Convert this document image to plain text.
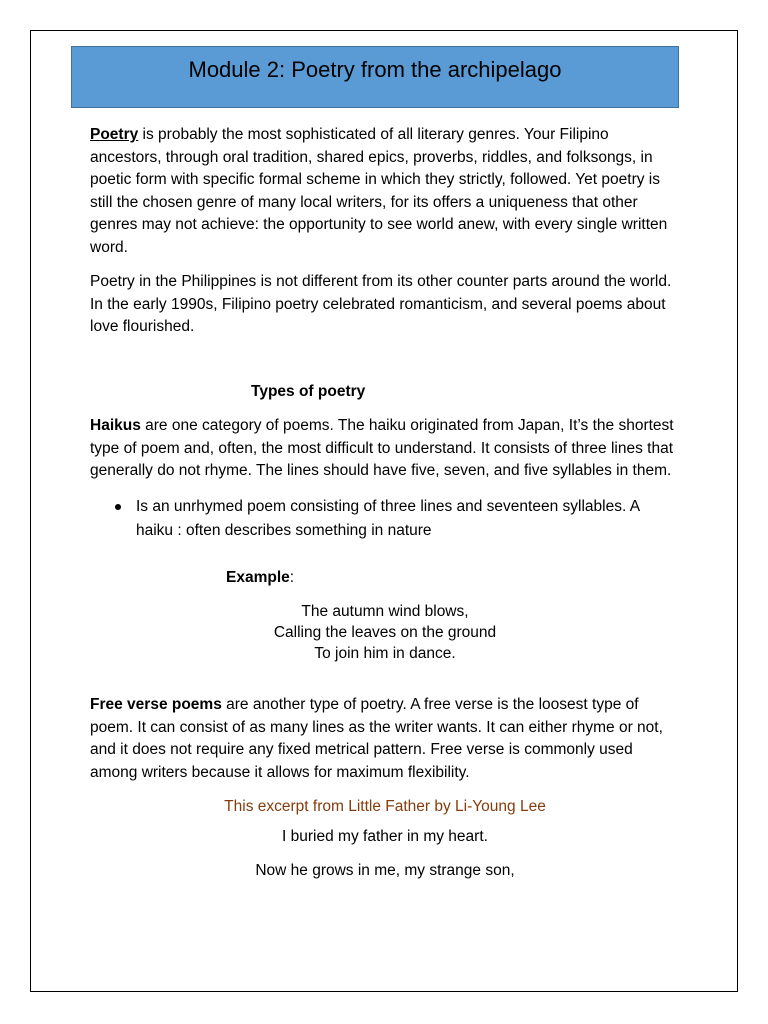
Module 2: Poetry from the archipelago

Poetry is probably the most sophisticated of all literary genres. Your Filipino ancestors, through oral tradition, shared epics, proverbs, riddles, and folksongs, in poetic form with specific formal scheme in which they strictly, followed. Yet poetry is still the chosen genre of many local writers, for its offers a uniqueness that other genres may not achieve: the opportunity to see world anew, with every single written word.

Poetry in the Philippines is not different from its other counter parts around the world. In the early 1990s, Filipino poetry celebrated romanticism, and several poems about love flourished.

Types of poetry

Haikus are one category of poems. The haiku originated from Japan, It’s the shortest type of poem and, often, the most difficult to understand. It consists of three lines that generally do not rhyme. The lines should have five, seven, and five syllables in them.

Is an unrhymed poem consisting of three lines and seventeen syllables. A haiku : often describes something in nature
Example:
The autumn wind blows,
Calling the leaves on the ground
To join him in dance.

Free verse poems are another type of poetry. A free verse is the loosest type of poem. It can consist of as many lines as the writer wants. It can either rhyme or not, and it does not require any fixed metrical pattern. Free verse is commonly used among writers because it allows for maximum flexibility.

This excerpt from Little Father by Li-Young Lee
I buried my father in my heart.
Now he grows in me, my strange son,
